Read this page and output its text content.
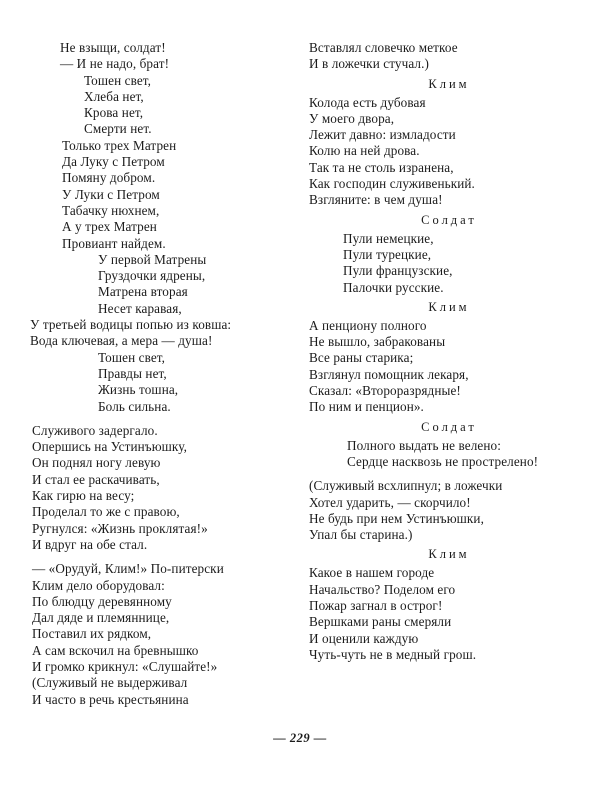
Не взыщи, солдат!
— И не надо, брат!
Тошен свет,
Хлеба нет,
Крова нет,
Смерти нет.
Только трех Матрен
Да Луку с Петром
Помяну добром.
У Луки с Петром
Табачку нюхнем,
А у трех Матрен
Провиант найдем.
У первой Матрены
Груздочки ядрены,
Матрена вторая
Несет каравая,
У третьей водицы попью из ковша:
Вода ключевая, а мера — душа!
Тошен свет,
Правды нет,
Жизнь тошна,
Боль сильна.
Служивого задергало.
Опершись на Устинъюшку,
Он поднял ногу левую
И стал ее раскачивать,
Как гирю на весу;
Проделал то же с правою,
Ругнулся: «Жизнь проклятая!»
И вдруг на обе стал.
— «Орудуй, Клим!» По-питерски
Клим дело оборудовал:
По блюдцу деревянному
Дал дяде и племяннице,
Поставил их рядком,
А сам вскочил на бревнышко
И громко крикнул: «Слушайте!»
(Служивый не выдерживал
И часто в речь крестьянина
Вставлял словечко меткое
И в ложечки стучал.)
Клим
Колода есть дубовая
У моего двора,
Лежит давно: измладости
Колю на ней дрова.
Так та не столь изранена,
Как господин служивенький.
Взгляните: в чем душа!
Солдат
Пули немецкие,
Пули турецкие,
Пули французские,
Палочки русские.
Клим
А пенциону полного
Не вышло, забракованы
Все раны старика;
Взглянул помощник лекаря,
Сказал: «Второразрядные!
По ним и пенцион».
Солдат
Полного выдать не велено:
Сердце насквозь не прострелено!
(Служивый всхлипнул; в ложечки
Хотел ударить, — скорчило!
Не будь при нем Устинъюшки,
Упал бы старина.)
Клим
Какое в нашем городе
Начальство? Поделом его
Пожар загнал в острог!
Вершками раны смеряли
И оценили каждую
Чуть-чуть не в медный грош.
— 229 —
